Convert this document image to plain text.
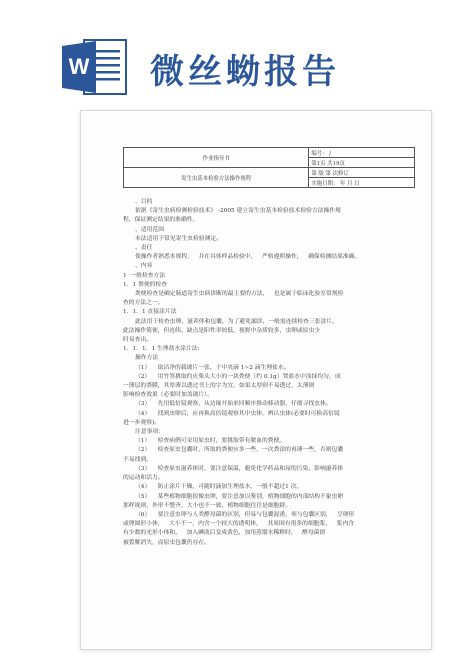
W 微丝蚴报告
作业指导书	编号： /
	第1页 共19页
寄生虫基本检验方法操作规程	第 版 第 次修订
	实施日期： 年 月 日

、目的

依据《寄生虫病检测检验技术》 -2005 建立寄生虫基本检验技术检验方法操作规

程，保证测定结果的准确性。

、适用范围

本法适用于常见寄生虫检验测定。

、责任

使操作者熟悉本规程，   并在具体样品检验中，   严格遵照操作，   确保检测结果准确。

、内容

1  一般检查方法

1．1 粪便的检查

粪便检查是确定肠道寄生虫病诊断的最主要的方法，   也是属于临床化验室常规检

查的方法之一。

1．1．1 直接涂片法

此法用于检查虫卵、滋养体和包囊，为了避免漏诊，一般需连续检查三张涂片，

此法操作简便，但连续、缺点是阳性率较低，视野中杂质较多，虫卵或原虫少

时易查出。

1．1．1．1 生理盐水涂片法:

操作方法

（1）    取洁净的载玻片一张，于中央滴 1~2 滴生理盐水。

（2）    用竹签挑取约火柴头大小的一块粪便（约 0.1g）置盐水中涂抹均匀，成

一薄层的粪膜，其厚薄以透过书上的字为宜，如果太厚则不易透过，太薄则

影响检查效果（必要时加盖玻片）。

（3）    先用低倍镜观察，从边缘开始来回顺序推动移动器，仔细寻找虫体。

（4）    找到虫卵后，应再换高倍镜观察其中虫体，辨认虫体(必要时可换高倍镜

进一步观察)。

注意事项：

（1）    检查病例可采用原虫时，要挑取带有脓血的粪便。

（2）    检查原虫包囊时，所取的粪便应多一些，一次粪涂的再薄一些，否则包囊

不易找到。

（3）    检查原虫滋养体时，要注意保温，避免化学药品和尿的污染，影响滋养体

的运动和活力。

（4）    防止涂片干燥，可随时滴加生理盐水，一般不超过1 次。

（5）    某些植物细胞很像虫卵，要注意加以鉴别，植物细胞的内部结构不象虫卵

那样规则，外形不整齐，大小也不一致，植物细胞往往是细胞群。

（6）    要注意虫卵与人类酵母菌的区别，但易与包囊混淆，须与包囊区别，   呈卵形

或卵圆形小体，   大小不一，内含一个较大的透明体，   其周围有很多的细胞浆，   浆内含

有少数的光形小体和，   加入碘液后变成黄色，加用蒸馏水稀释时，   酵母菌即

被裂解消失，而原虫包囊仍存在。
